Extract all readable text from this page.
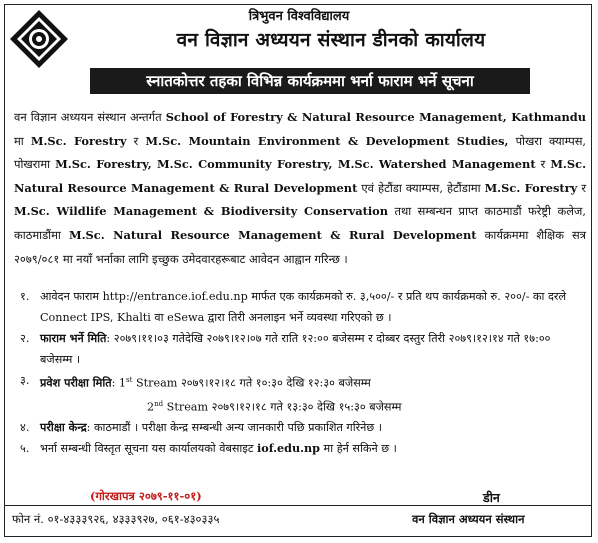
त्रिभुवन विश्वविद्यालय
वन विज्ञान अध्ययन संस्थान डीनको कार्यालय
स्नातकोत्तर तहका विभिन्न कार्यक्रममा भर्ना फाराम भर्ने सूचना
वन विज्ञान अध्ययन संस्थान अन्तर्गत School of Forestry & Natural Resource Management, Kathmandu मा M.Sc. Forestry र M.Sc. Mountain Environment & Development Studies, पोखरा क्याम्पस, पोखरामा M.Sc. Forestry, M.Sc. Community Forestry, M.Sc. Watershed Management र M.Sc. Natural Resource Management & Rural Development एवं हेटौंडा क्याम्पस, हेटौंडामा M.Sc. Forestry र M.Sc. Wildlife Management & Biodiversity Conservation तथा सम्बन्धन प्राप्त काठमाडौं फरेष्ट्री कलेज, काठमाडौंमा M.Sc. Natural Resource Management & Rural Development कार्यक्रममा शैक्षिक सत्र २०७९/०८१ मा नयाँ भर्नाका लागि इच्छुक उमेदवारहरूबाट आवेदन आह्वान गरिन्छ ।
१. आवेदन फाराम http://entrance.iof.edu.np मार्फत एक कार्यक्रमको रु. ३,५००/- र प्रति थप कार्यक्रमको रु. २००/- का दरले Connect IPS, Khalti वा eSewa द्वारा तिरी अनलाइन भर्ने व्यवस्था गरिएको छ ।
२. फाराम भर्ने मिति: २०७९।११।०३ गतेदेखि २०७९।१२।०७ गते राति १२:०० बजेसम्म र दोब्बर दस्तुर तिरी २०७९।१२।१४ गते १७:०० बजेसम्म ।
३. प्रवेश परीक्षा मिति: 1st Stream २०७९।१२।१८ गते १०:३० देखि १२:३० बजेसम्म
2nd Stream २०७९।१२।१८ गते १३:३० देखि १५:३० बजेसम्म
४. परीक्षा केन्द्र: काठमाडौं । परीक्षा केन्द्र सम्बन्धी अन्य जानकारी पछि प्रकाशित गरिनेछ ।
५. भर्ना सम्बन्धी विस्तृत सूचना यस कार्यालयको वेबसाइट iof.edu.np मा हेर्न सकिने छ ।
(गोरखापत्र २०७९-११-०१)	डीन
फोन नं. ०१-४३३३९२६, ४३३३९२७, ०६१-४३०३३५	वन विज्ञान अध्ययन संस्थान
